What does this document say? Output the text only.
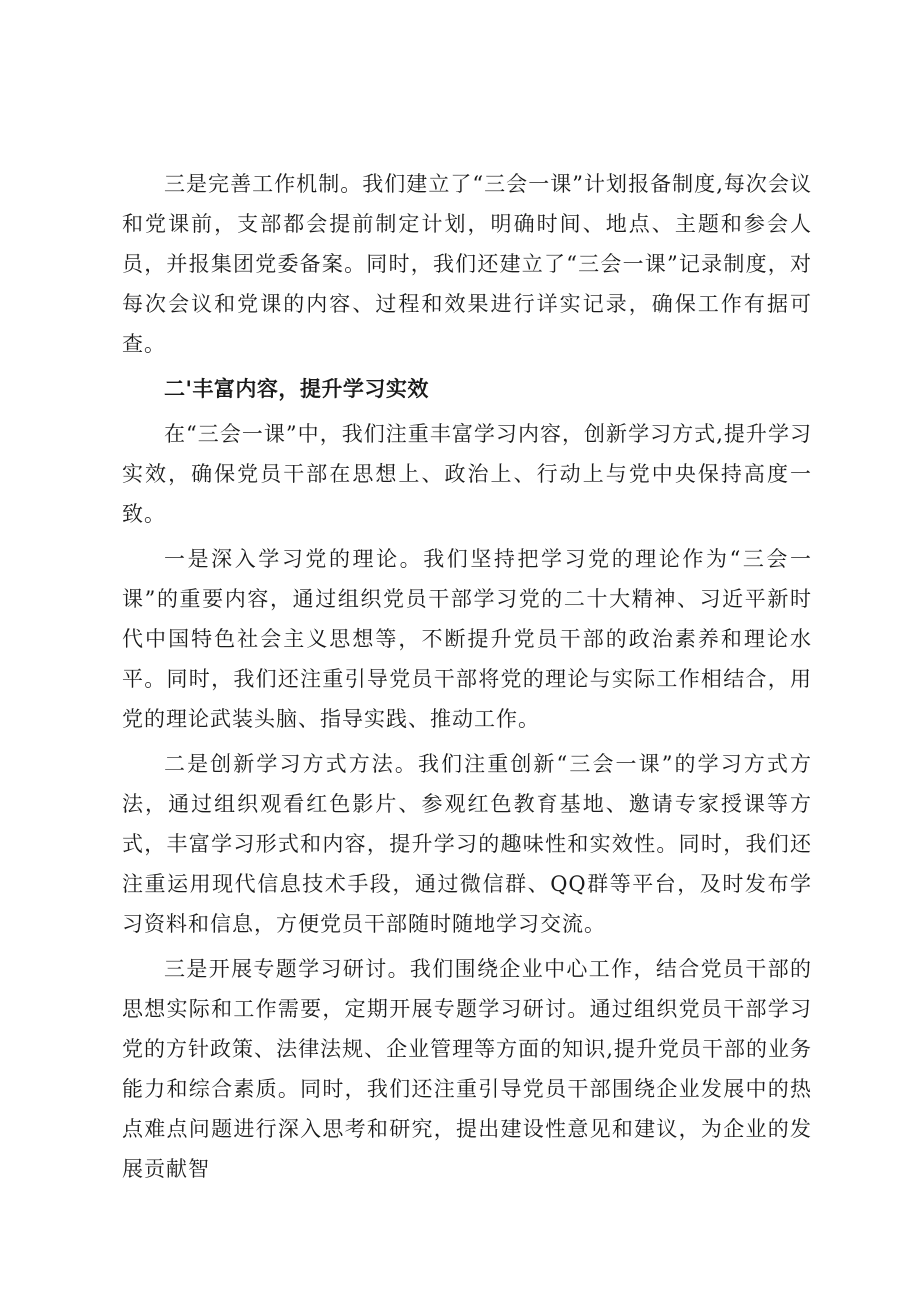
三是完善工作机制。我们建立了“三会一课”计划报备制度,每次会议和党课前，支部都会提前制定计划，明确时间、地点、主题和参会人员，并报集团党委备案。同时，我们还建立了“三会一课”记录制度，对每次会议和党课的内容、过程和效果进行详实记录，确保工作有据可查。

二'丰富内容，提升学习实效

在“三会一课”中，我们注重丰富学习内容，创新学习方式,提升学习实效，确保党员干部在思想上、政治上、行动上与党中央保持高度一致。

一是深入学习党的理论。我们坚持把学习党的理论作为“三会一课”的重要内容，通过组织党员干部学习党的二十大精神、习近平新时代中国特色社会主义思想等，不断提升党员干部的政治素养和理论水平。同时，我们还注重引导党员干部将党的理论与实际工作相结合，用党的理论武装头脑、指导实践、推动工作。

二是创新学习方式方法。我们注重创新“三会一课”的学习方式方法，通过组织观看红色影片、参观红色教育基地、邀请专家授课等方式，丰富学习形式和内容，提升学习的趣味性和实效性。同时，我们还注重运用现代信息技术手段，通过微信群、QQ群等平台，及时发布学习资料和信息，方便党员干部随时随地学习交流。

三是开展专题学习研讨。我们围绕企业中心工作，结合党员干部的思想实际和工作需要，定期开展专题学习研讨。通过组织党员干部学习党的方针政策、法律法规、企业管理等方面的知识,提升党员干部的业务能力和综合素质。同时，我们还注重引导党员干部围绕企业发展中的热点难点问题进行深入思考和研究，提出建设性意见和建议，为企业的发展贡献智
